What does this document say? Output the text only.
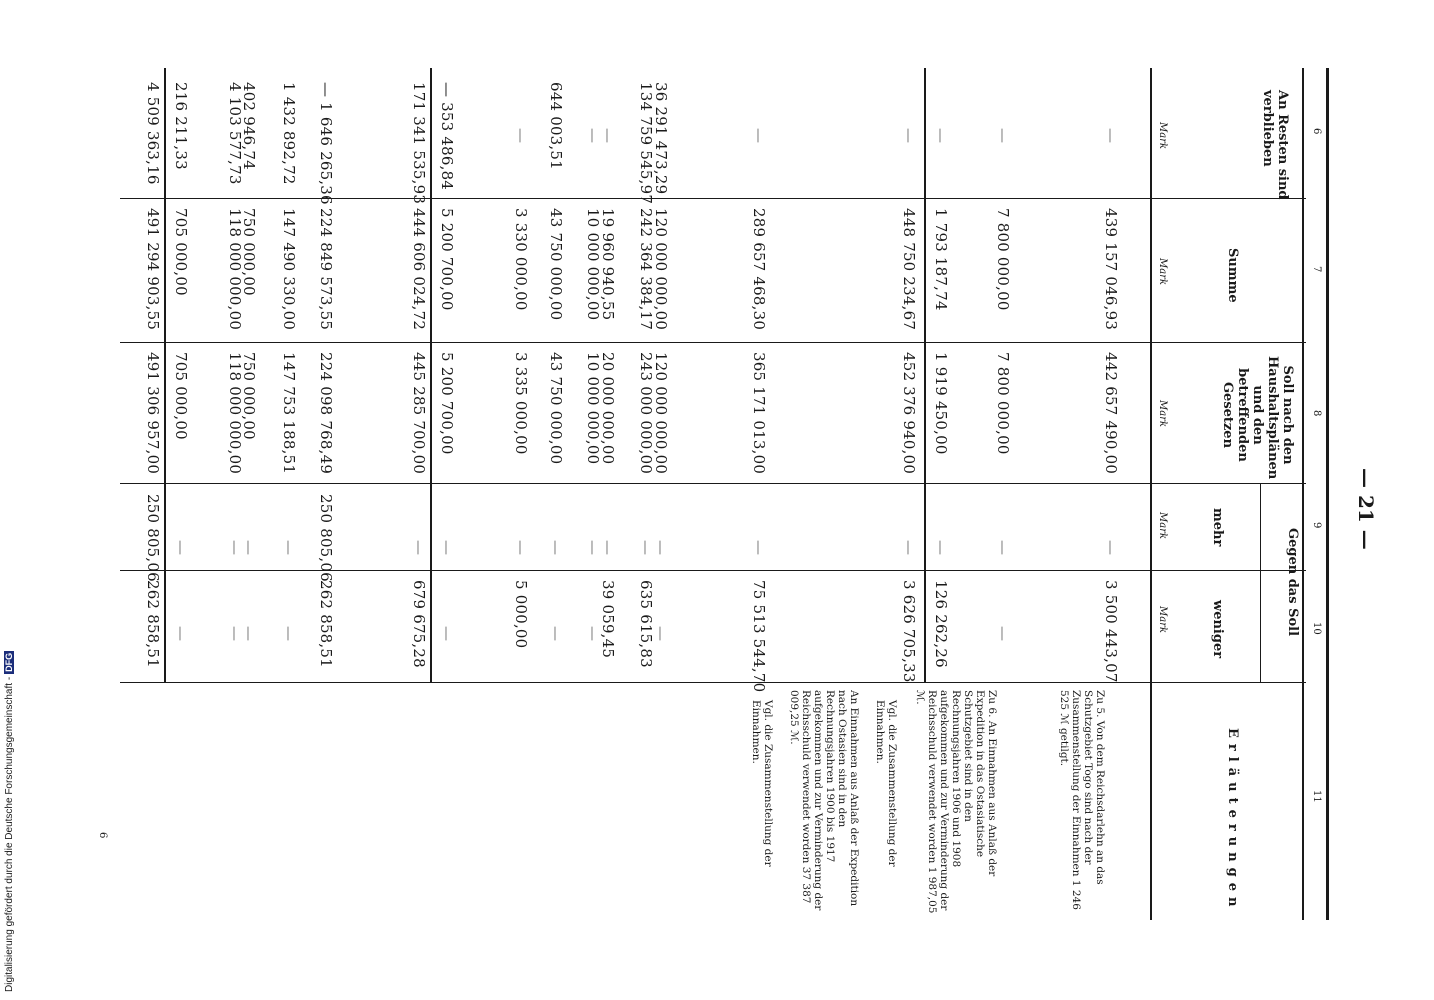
— 21 —
6
7
8
9
10
11
An Resten sind verblieben
Summe
Soll nach den Haushaltsplänen und den betreffenden Gesetzen
Gegen das Soll
mehr
weniger
Erläuterungen
Mark
Mark
Mark
Mark
Mark
—
439 157 046,93
442 657 490,00
—
3 500 443,07
—
7 800 000,00
7 800 000,00
—
—
—
1 793 187,74
1 919 450,00
—
126 262,26
—
448 750 234,67
452 376 940,00
—
3 626 705,33
—
289 657 468,30
365 171 013,00
—
75 513 544,70
36 291 473,29
120 000 000,00
120 000 000,00
—
—
134 759 545,97
242 364 384,17
243 000 000,00
—
635 615,83
—
19 960 940,55
20 000 000,00
—
39 059,45
—
10 000 000,00
10 000 000,00
—
—
644 003,51
43 750 000,00
43 750 000,00
—
—
—
3 330 000,00
3 335 000,00
—
5 000,00
— 353 486,84
5 200 700,00
5 200 700,00
—
—
171 341 535,93
444 606 024,72
445 285 700,00
—
679 675,28
— 1 646 265,36
224 849 573,55
224 098 768,49
250 805,06
262 858,51
1 432 892,72
147 490 330,00
147 753 188,51
—
—
402 946,74
750 000,00
750 000,00
—
—
4 103 577,73
118 000 000,00
118 000 000,00
—
—
216 211,33
705 000,00
705 000,00
—
—
4 509 363,16
491 294 903,55
491 306 957,00
250 805,06
262 858,51
Zu 5. Von dem Reichsdarlehn an das Schutzgebiet Togo sind nach der Zusammenstellung der Einnahmen 1 246 525 ℳ getilgt.
Zu 6. An Einnahmen aus Anlaß der Expedition in das Ostasiatische Schutzgebiet sind in den Rechnungsjahren 1906 und 1908 aufgekommen und zur Verminderung der Reichsschuld verwendet worden 1 987,05 ℳ.
Vgl. die Zusammenstellung der Einnahmen.
An Einnahmen aus Anlaß der Expedition nach Ostasien sind in den Rechnungsjahren 1900 bis 1917 aufgekommen und zur Verminderung der Reichsschuld verwendet worden 37 387 009,25 ℳ.
Vgl. die Zusammenstellung der Einnahmen.
6
Digitalisierung gefördert durch die Deutsche Forschungsgemeinschaft -DFG
